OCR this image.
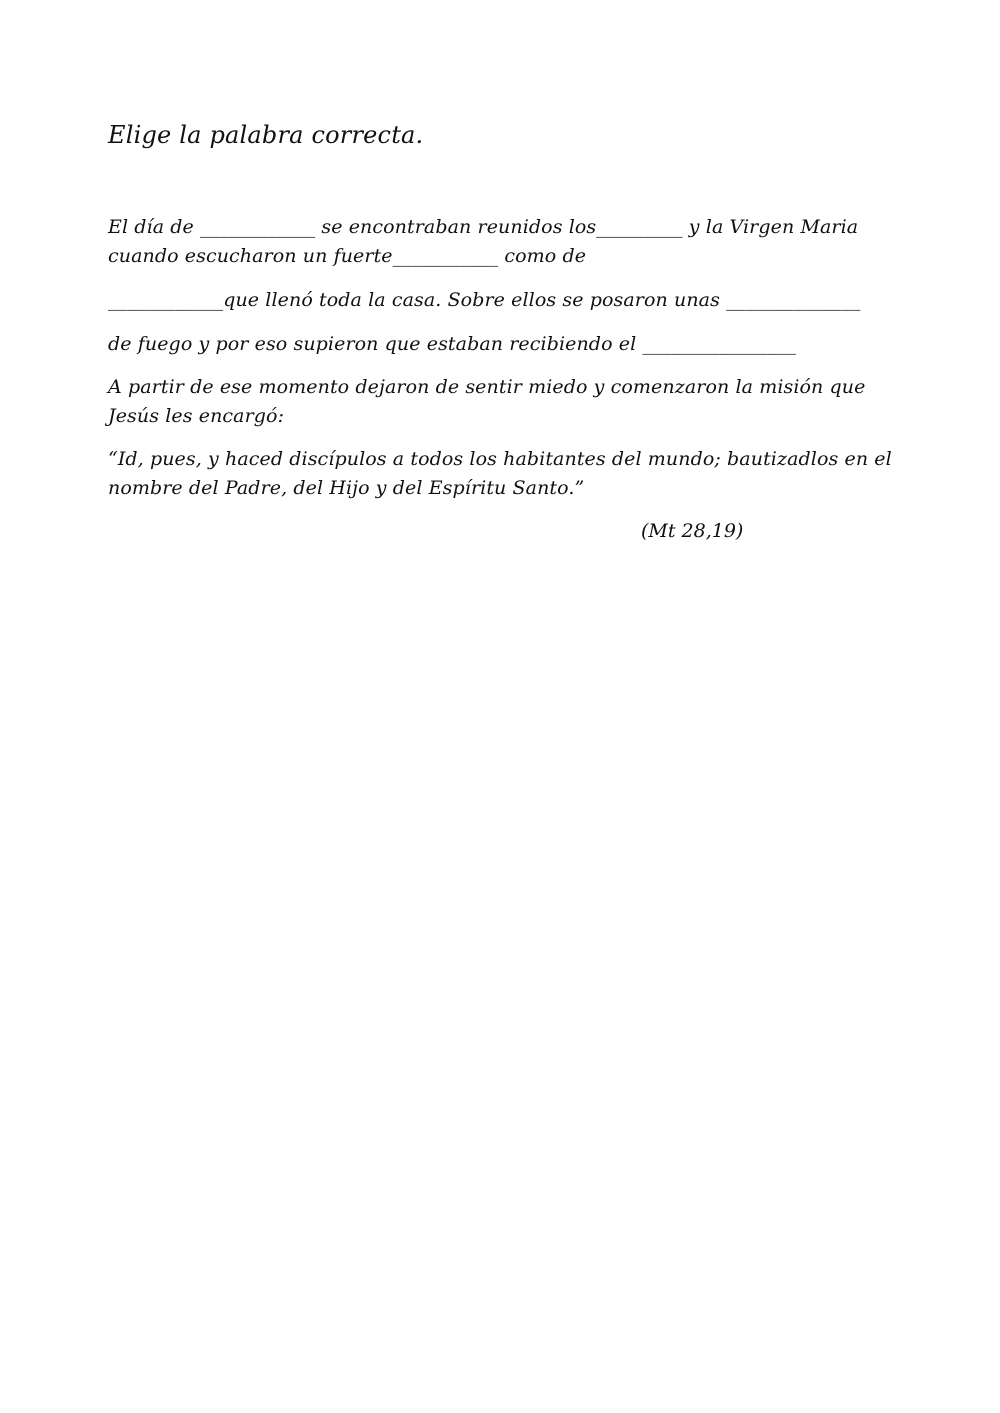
Elige la palabra correcta.
El día de ____________ se encontraban reunidos los_________ y la Virgen Maria
cuando escucharon un fuerte___________ como de
____________que llenó toda la casa. Sobre ellos se posaron unas ______________
de fuego y por eso supieron que estaban recibiendo el ________________
A partir de ese momento dejaron de sentir miedo y comenzaron la misión que
Jesús les encargó:
“Id, pues, y haced discípulos a todos los habitantes del mundo; bautizadlos en el
nombre del Padre, del Hijo y del Espíritu Santo.”
(Mt 28,19)
